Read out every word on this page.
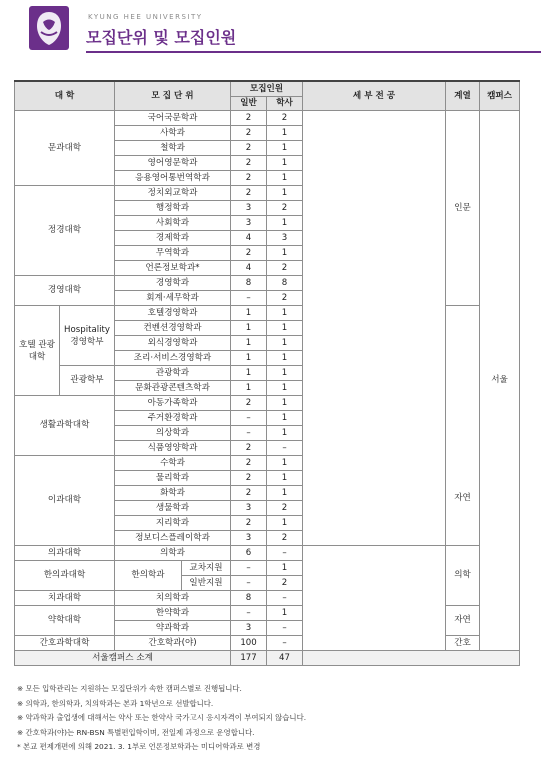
KYUNG HEE UNIVERSITY
모집단위 및 모집인원
대 학		모 집 단 위		모집인원		세 부 전 공	계열	캠퍼스
				일반	학사			
문과대학		국어국문학과		2	2		인문	서울
		사학과		2	1			
		철학과		2	1			
		영어영문학과		2	1			
		응용영어통번역학과		2	1			
정경대학		정치외교학과		2	1			
		행정학과		3	2			
		사회학과		3	1			
		경제학과		4	3			
		무역학과		2	1			
		언론정보학과*		4	2			
경영대학		경영학과		8	8			
		회계·세무학과		–	2			
호텔 관광 대학	Hospitality 경영학부	호텔경영학과		1	1		자연	
		컨벤션경영학과		1	1			
		외식경영학과		1	1			
		조리·서비스경영학과		1	1			
	관광학부	관광학과		1	1			
		문화관광콘텐츠학과		1	1			
생활과학대학		아동가족학과		2	1			
		주거환경학과		–	1			
		의상학과		–	1			
		식품영양학과		2	–			
이과대학		수학과		2	1			
		물리학과		2	1			
		화학과		2	1			
		생물학과		3	2			
		지리학과		2	1			
		정보디스플레이학과		3	2			
의과대학		의학과		6	–		의학	
한의과대학		한의학과	교차지원	–	1			
			일반지원	–	2			
치과대학		치의학과		8	–			
약학대학		한약학과		–	1		자연	
		약과학과		3	–			
간호과학대학		간호학과(야)		100	–		간호	
서울캠퍼스 소계				177	47			
※ 모든 입학관리는 지원하는 모집단위가 속한 캠퍼스별로 진행됩니다.
※ 의학과, 한의학과, 치의학과는 본과 1학년으로 선발합니다.
※ 약과학과 출업생에 대해서는 약사 또는 한약사 국가고시 응시자격이 부여되지 않습니다.
※ 간호학과(야)는 RN-BSN 특별편입학이며, 전일제 과정으로 운영합니다.
* 본교 편제개편에 의해 2021. 3. 1부로 언론정보학과는 미디어학과로 변경
